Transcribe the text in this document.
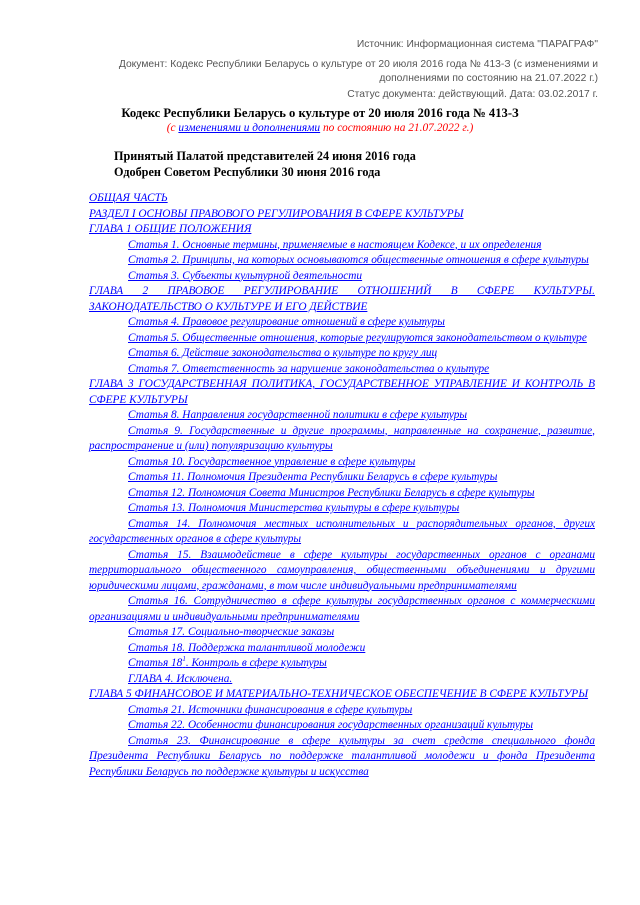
Источник: Информационная система "ПАРАГРАФ"
Документ: Кодекс Республики Беларусь о культуре от 20 июля 2016 года № 413-З (с изменениями и дополнениями по состоянию на 21.07.2022 г.)
Статус документа: действующий. Дата: 03.02.2017 г.
Кодекс Республики Беларусь о культуре от 20 июля 2016 года № 413-З
(с изменениями и дополнениями по состоянию на 21.07.2022 г.)
Принятый Палатой представителей 24 июня 2016 года
Одобрен Советом Республики 30 июня 2016 года
ОБЩАЯ ЧАСТЬ
РАЗДЕЛ I ОСНОВЫ ПРАВОВОГО РЕГУЛИРОВАНИЯ В СФЕРЕ КУЛЬТУРЫ
ГЛАВА 1 ОБЩИЕ ПОЛОЖЕНИЯ
Статья 1. Основные термины, применяемые в настоящем Кодексе, и их определения
Статья 2. Принципы, на которых основываются общественные отношения в сфере культуры
Статья 3. Субъекты культурной деятельности
ГЛАВА 2 ПРАВОВОЕ РЕГУЛИРОВАНИЕ ОТНОШЕНИЙ В СФЕРЕ КУЛЬТУРЫ. ЗАКОНОДАТЕЛЬСТВО О КУЛЬТУРЕ И ЕГО ДЕЙСТВИЕ
Статья 4. Правовое регулирование отношений в сфере культуры
Статья 5. Общественные отношения, которые регулируются законодательством о культуре
Статья 6. Действие законодательства о культуре по кругу лиц
Статья 7. Ответственность за нарушение законодательства о культуре
ГЛАВА 3 ГОСУДАРСТВЕННАЯ ПОЛИТИКА, ГОСУДАРСТВЕННОЕ УПРАВЛЕНИЕ И КОНТРОЛЬ В СФЕРЕ КУЛЬТУРЫ
Статья 8. Направления государственной политики в сфере культуры
Статья 9. Государственные и другие программы, направленные на сохранение, развитие, распространение и (или) популяризацию культуры
Статья 10. Государственное управление в сфере культуры
Статья 11. Полномочия Президента Республики Беларусь в сфере культуры
Статья 12. Полномочия Совета Министров Республики Беларусь в сфере культуры
Статья 13. Полномочия Министерства культуры в сфере культуры
Статья 14. Полномочия местных исполнительных и распорядительных органов, других государственных органов в сфере культуры
Статья 15. Взаимодействие в сфере культуры государственных органов с органами территориального общественного самоуправления, общественными объединениями и другими юридическими лицами, гражданами, в том числе индивидуальными предпринимателями
Статья 16. Сотрудничество в сфере культуры государственных органов с коммерческими организациями и индивидуальными предпринимателями
Статья 17. Социально-творческие заказы
Статья 18. Поддержка талантливой молодежи
Статья 18$^1$. Контроль в сфере культуры
ГЛАВА 4. Исключена.
ГЛАВА 5 ФИНАНСОВОЕ И МАТЕРИАЛЬНО-ТЕХНИЧЕСКОЕ ОБЕСПЕЧЕНИЕ В СФЕРЕ КУЛЬТУРЫ
Статья 21. Источники финансирования в сфере культуры
Статья 22. Особенности финансирования государственных организаций культуры
Статья 23. Финансирование в сфере культуры за счет средств специального фонда Президента Республики Беларусь по поддержке талантливой молодежи и фонда Президента Республики Беларусь по поддержке культуры и искусства
